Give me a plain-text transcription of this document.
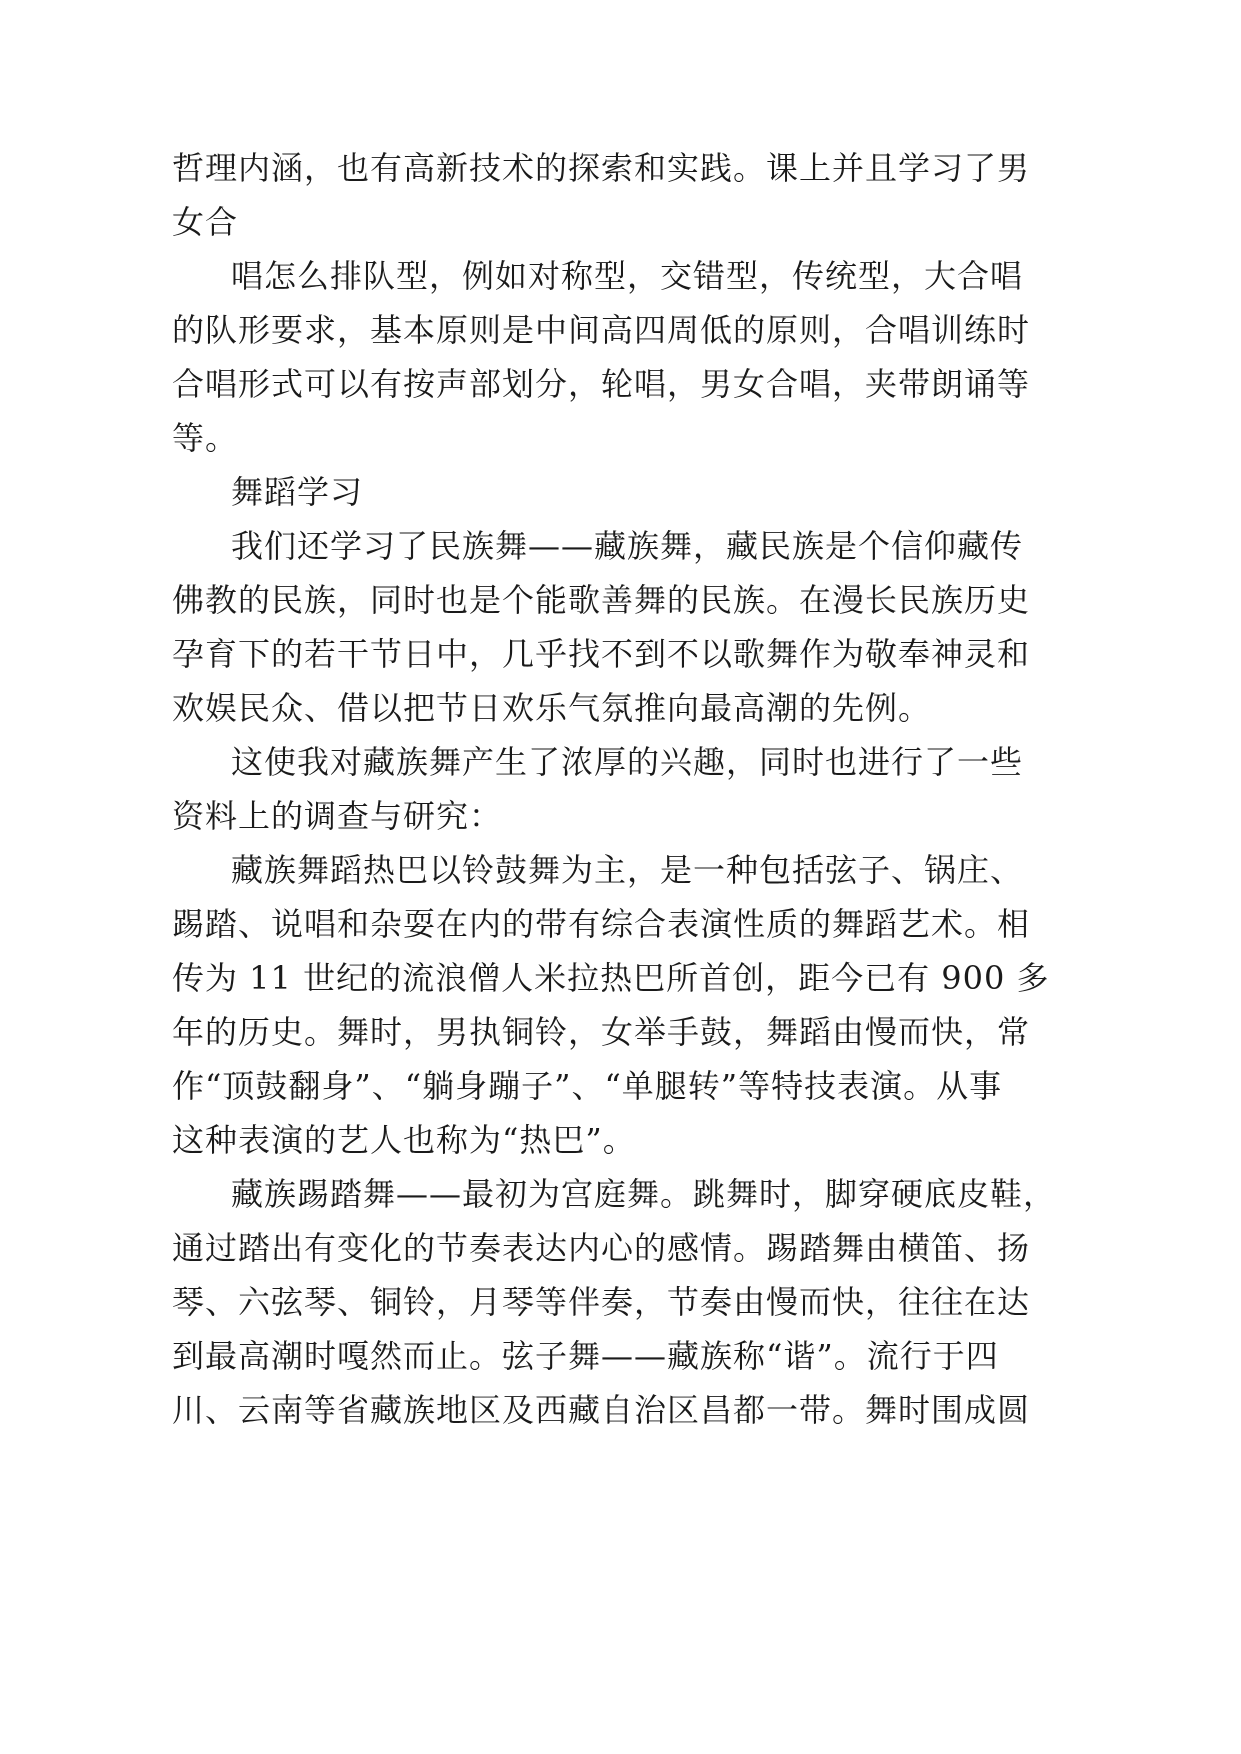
哲理内涵，也有高新技术的探索和实践。课上并且学习了男
女合
唱怎么排队型，例如对称型，交错型，传统型，大合唱
的队形要求，基本原则是中间高四周低的原则，合唱训练时
合唱形式可以有按声部划分，轮唱，男女合唱，夹带朗诵等
等。
舞蹈学习
我们还学习了民族舞——藏族舞，藏民族是个信仰藏传
佛教的民族，同时也是个能歌善舞的民族。在漫长民族历史
孕育下的若干节日中，几乎找不到不以歌舞作为敬奉神灵和
欢娱民众、借以把节日欢乐气氛推向最高潮的先例。
这使我对藏族舞产生了浓厚的兴趣，同时也进行了一些
资料上的调查与研究：
藏族舞蹈热巴以铃鼓舞为主，是一种包括弦子、锅庄、
踢踏、说唱和杂耍在内的带有综合表演性质的舞蹈艺术。相
传为 11 世纪的流浪僧人米拉热巴所首创，距今已有 900 多
年的历史。舞时，男执铜铃，女举手鼓，舞蹈由慢而快，常
作“顶鼓翻身”、“躺身蹦子”、“单腿转”等特技表演。从事
这种表演的艺人也称为“热巴”。
藏族踢踏舞——最初为宫庭舞。跳舞时，脚穿硬底皮鞋，
通过踏出有变化的节奏表达内心的感情。踢踏舞由横笛、扬
琴、六弦琴、铜铃，月琴等伴奏，节奏由慢而快，往往在达
到最高潮时嘎然而止。弦子舞——藏族称“谐”。流行于四
川、云南等省藏族地区及西藏自治区昌都一带。舞时围成圆
